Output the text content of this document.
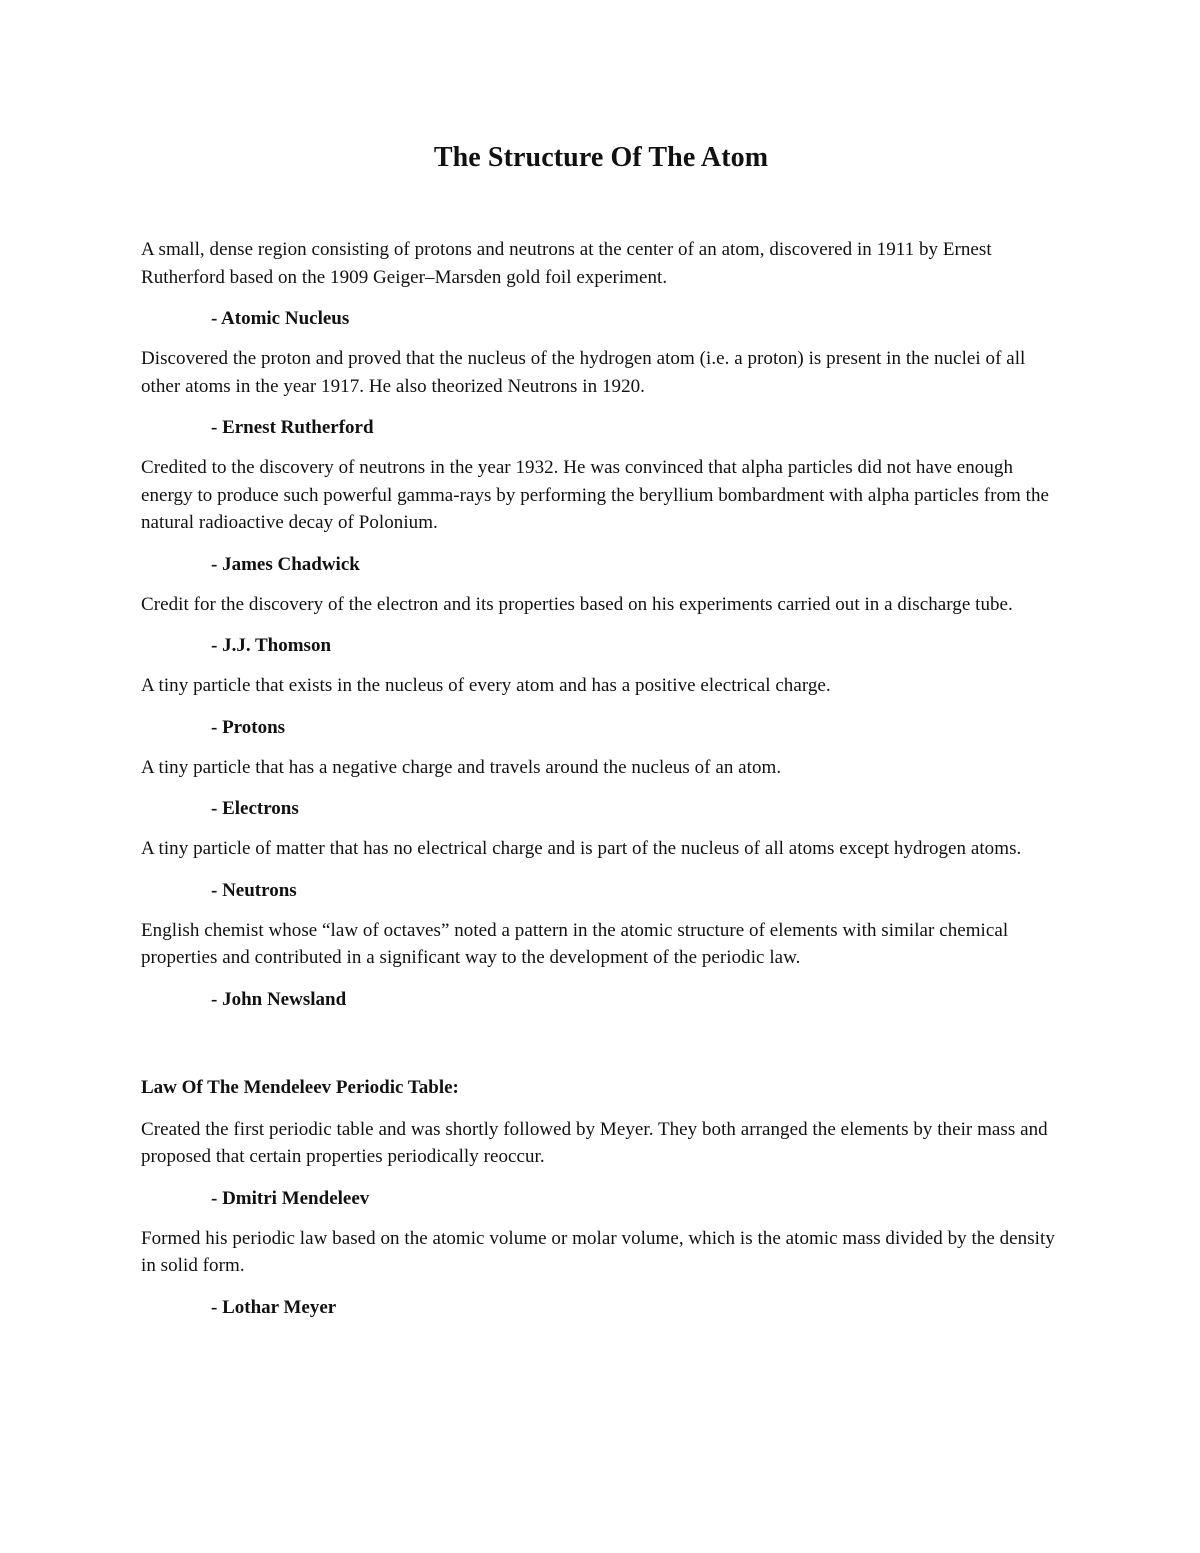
The Structure Of The Atom

A small, dense region consisting of protons and neutrons at the center of an atom, discovered in 1911 by Ernest Rutherford based on the 1909 Geiger–Marsden gold foil experiment.

- Atomic Nucleus

Discovered the proton and proved that the nucleus of the hydrogen atom (i.e. a proton) is present in the nuclei of all other atoms in the year 1917. He also theorized Neutrons in 1920.

- Ernest Rutherford

Credited to the discovery of neutrons in the year 1932. He was convinced that alpha particles did not have enough energy to produce such powerful gamma-rays by performing the beryllium bombardment with alpha particles from the natural radioactive decay of Polonium.

- James Chadwick

Credit for the discovery of the electron and its properties based on his experiments carried out in a discharge tube.

- J.J. Thomson

A tiny particle that exists in the nucleus of every atom and has a positive electrical charge.

- Protons

A tiny particle that has a negative charge and travels around the nucleus of an atom.

- Electrons

A tiny particle of matter that has no electrical charge and is part of the nucleus of all atoms except hydrogen atoms.

- Neutrons

English chemist whose “law of octaves” noted a pattern in the atomic structure of elements with similar chemical properties and contributed in a significant way to the development of the periodic law.

- John Newsland

Law Of The Mendeleev Periodic Table:

Created the first periodic table and was shortly followed by Meyer. They both arranged the elements by their mass and proposed that certain properties periodically reoccur.

- Dmitri Mendeleev

Formed his periodic law based on the atomic volume or molar volume, which is the atomic mass divided by the density in solid form.

- Lothar Meyer
